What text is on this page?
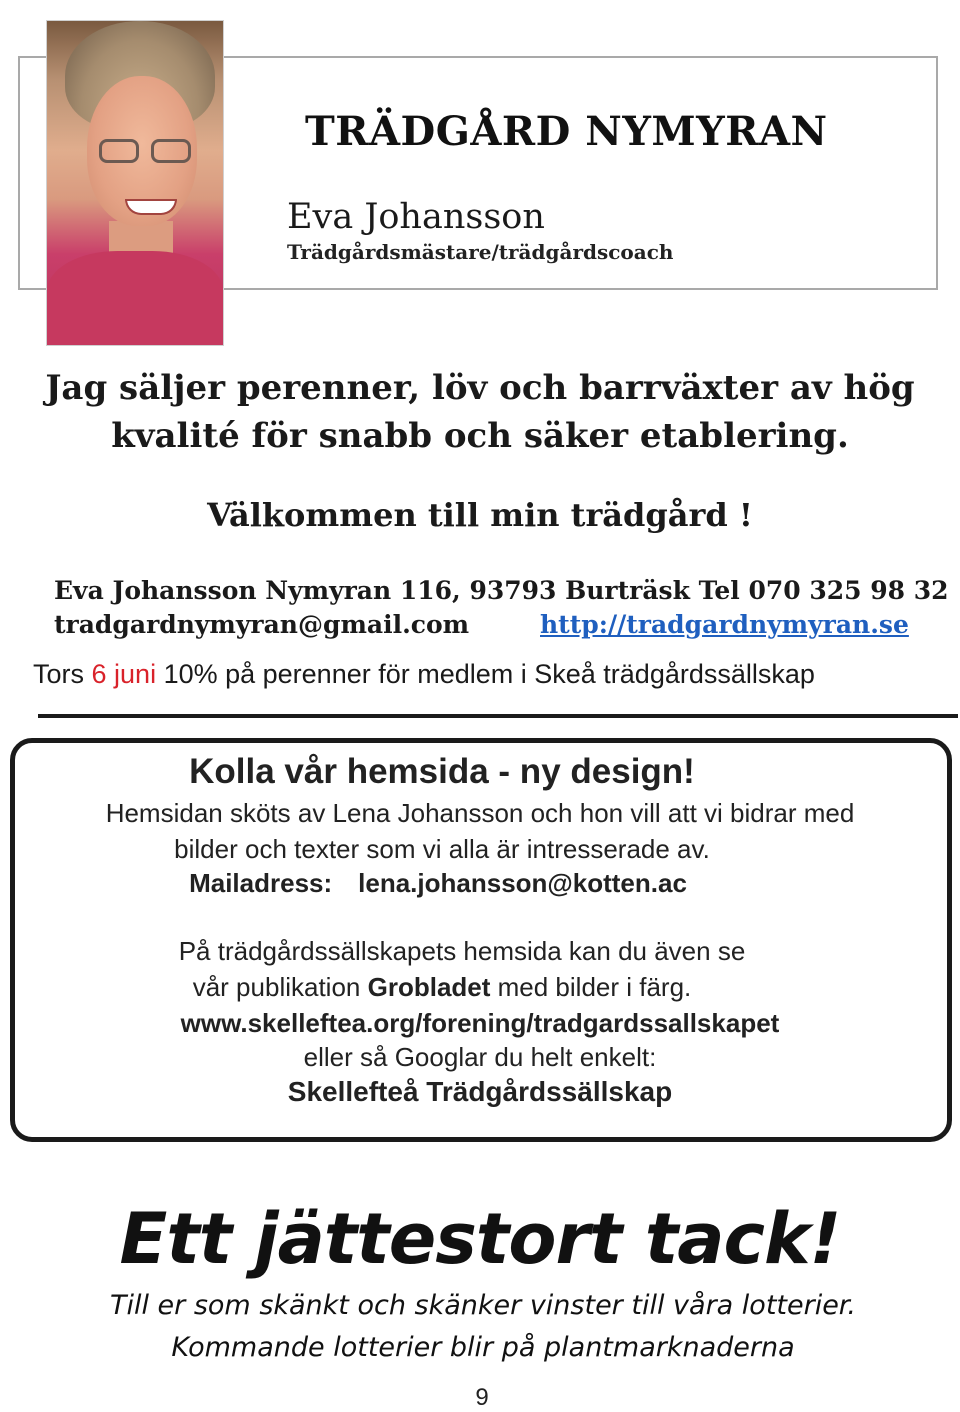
TRÄDGÅRD NYMYRAN
Eva Johansson
Trädgårdsmästare/trädgårdscoach
Jag säljer perenner, löv och barrväxter av hög
kvalité för snabb och säker etablering.
Välkommen till min trädgård !
Eva Johansson Nymyran 116, 93793 Burträsk Tel 070 325 98 32
tradgardnymyran@gmail.com	http://tradgardnymyran.se
Tors 6 juni 10% på perenner för medlem i Skeå trädgårdssällskap
Kolla vår hemsida - ny design!
Hemsidan sköts av Lena Johansson och hon vill att vi bidrar med
bilder och texter som vi alla är intresserade av.
Mailadress: lena.johansson@kotten.ac
På trädgårdssällskapets hemsida kan du även se
vår publikation Grobladet med bilder i färg.
www.skelleftea.org/forening/tradgardssallskapet
eller så Googlar du helt enkelt:
Skellefteå Trädgårdssällskap
Ett jättestort tack!
Till er som skänkt och skänker vinster till våra lotterier.
Kommande lotterier blir på plantmarknaderna
9
